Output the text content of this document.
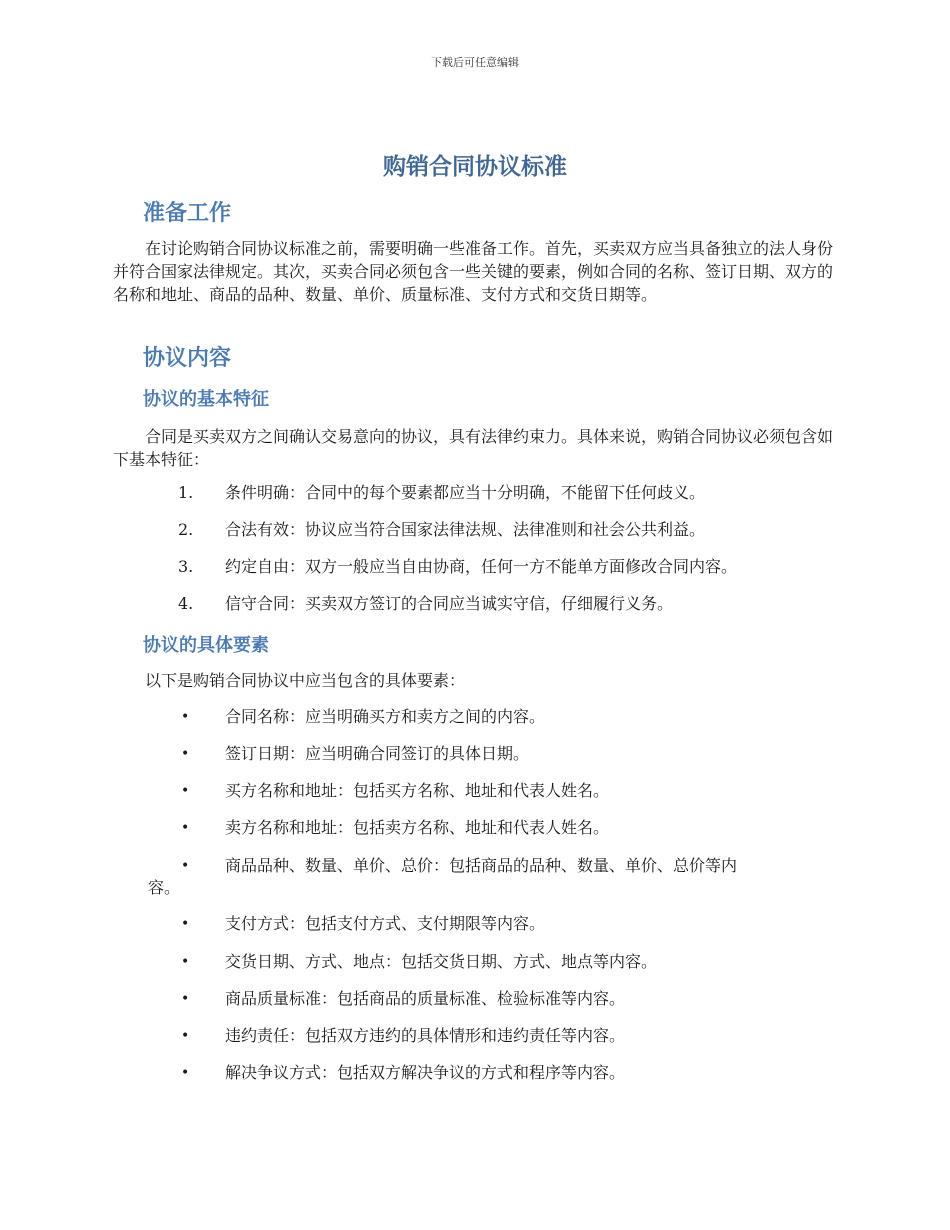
下载后可任意编辑
购销合同协议标准
准备工作

在讨论购销合同协议标准之前，需要明确一些准备工作。首先，买卖双方应当具备独立的法人身份并符合国家法律规定。其次，买卖合同必须包含一些关键的要素，例如合同的名称、签订日期、双方的名称和地址、商品的品种、数量、单价、质量标准、支付方式和交货日期等。

协议内容
协议的基本特征

合同是买卖双方之间确认交易意向的协议，具有法律约束力。具体来说，购销合同协议必须包含如下基本特征：

1.	条件明确：合同中的每个要素都应当十分明确，不能留下任何歧义。
2.	合法有效：协议应当符合国家法律法规、法律准则和社会公共利益。
3.	约定自由：双方一般应当自由协商，任何一方不能单方面修改合同内容。
4.	信守合同：买卖双方签订的合同应当诚实守信，仔细履行义务。
协议的具体要素
以下是购销合同协议中应当包含的具体要素：
• 合同名称：应当明确买方和卖方之间的内容。
• 签订日期：应当明确合同签订的具体日期。
• 买方名称和地址：包括买方名称、地址和代表人姓名。
• 卖方名称和地址：包括卖方名称、地址和代表人姓名。
• 商品品种、数量、单价、总价：包括商品的品种、数量、单价、总价等内
容。
• 支付方式：包括支付方式、支付期限等内容。
• 交货日期、方式、地点：包括交货日期、方式、地点等内容。
• 商品质量标准：包括商品的质量标准、检验标准等内容。
• 违约责任：包括双方违约的具体情形和违约责任等内容。
• 解决争议方式：包括双方解决争议的方式和程序等内容。
